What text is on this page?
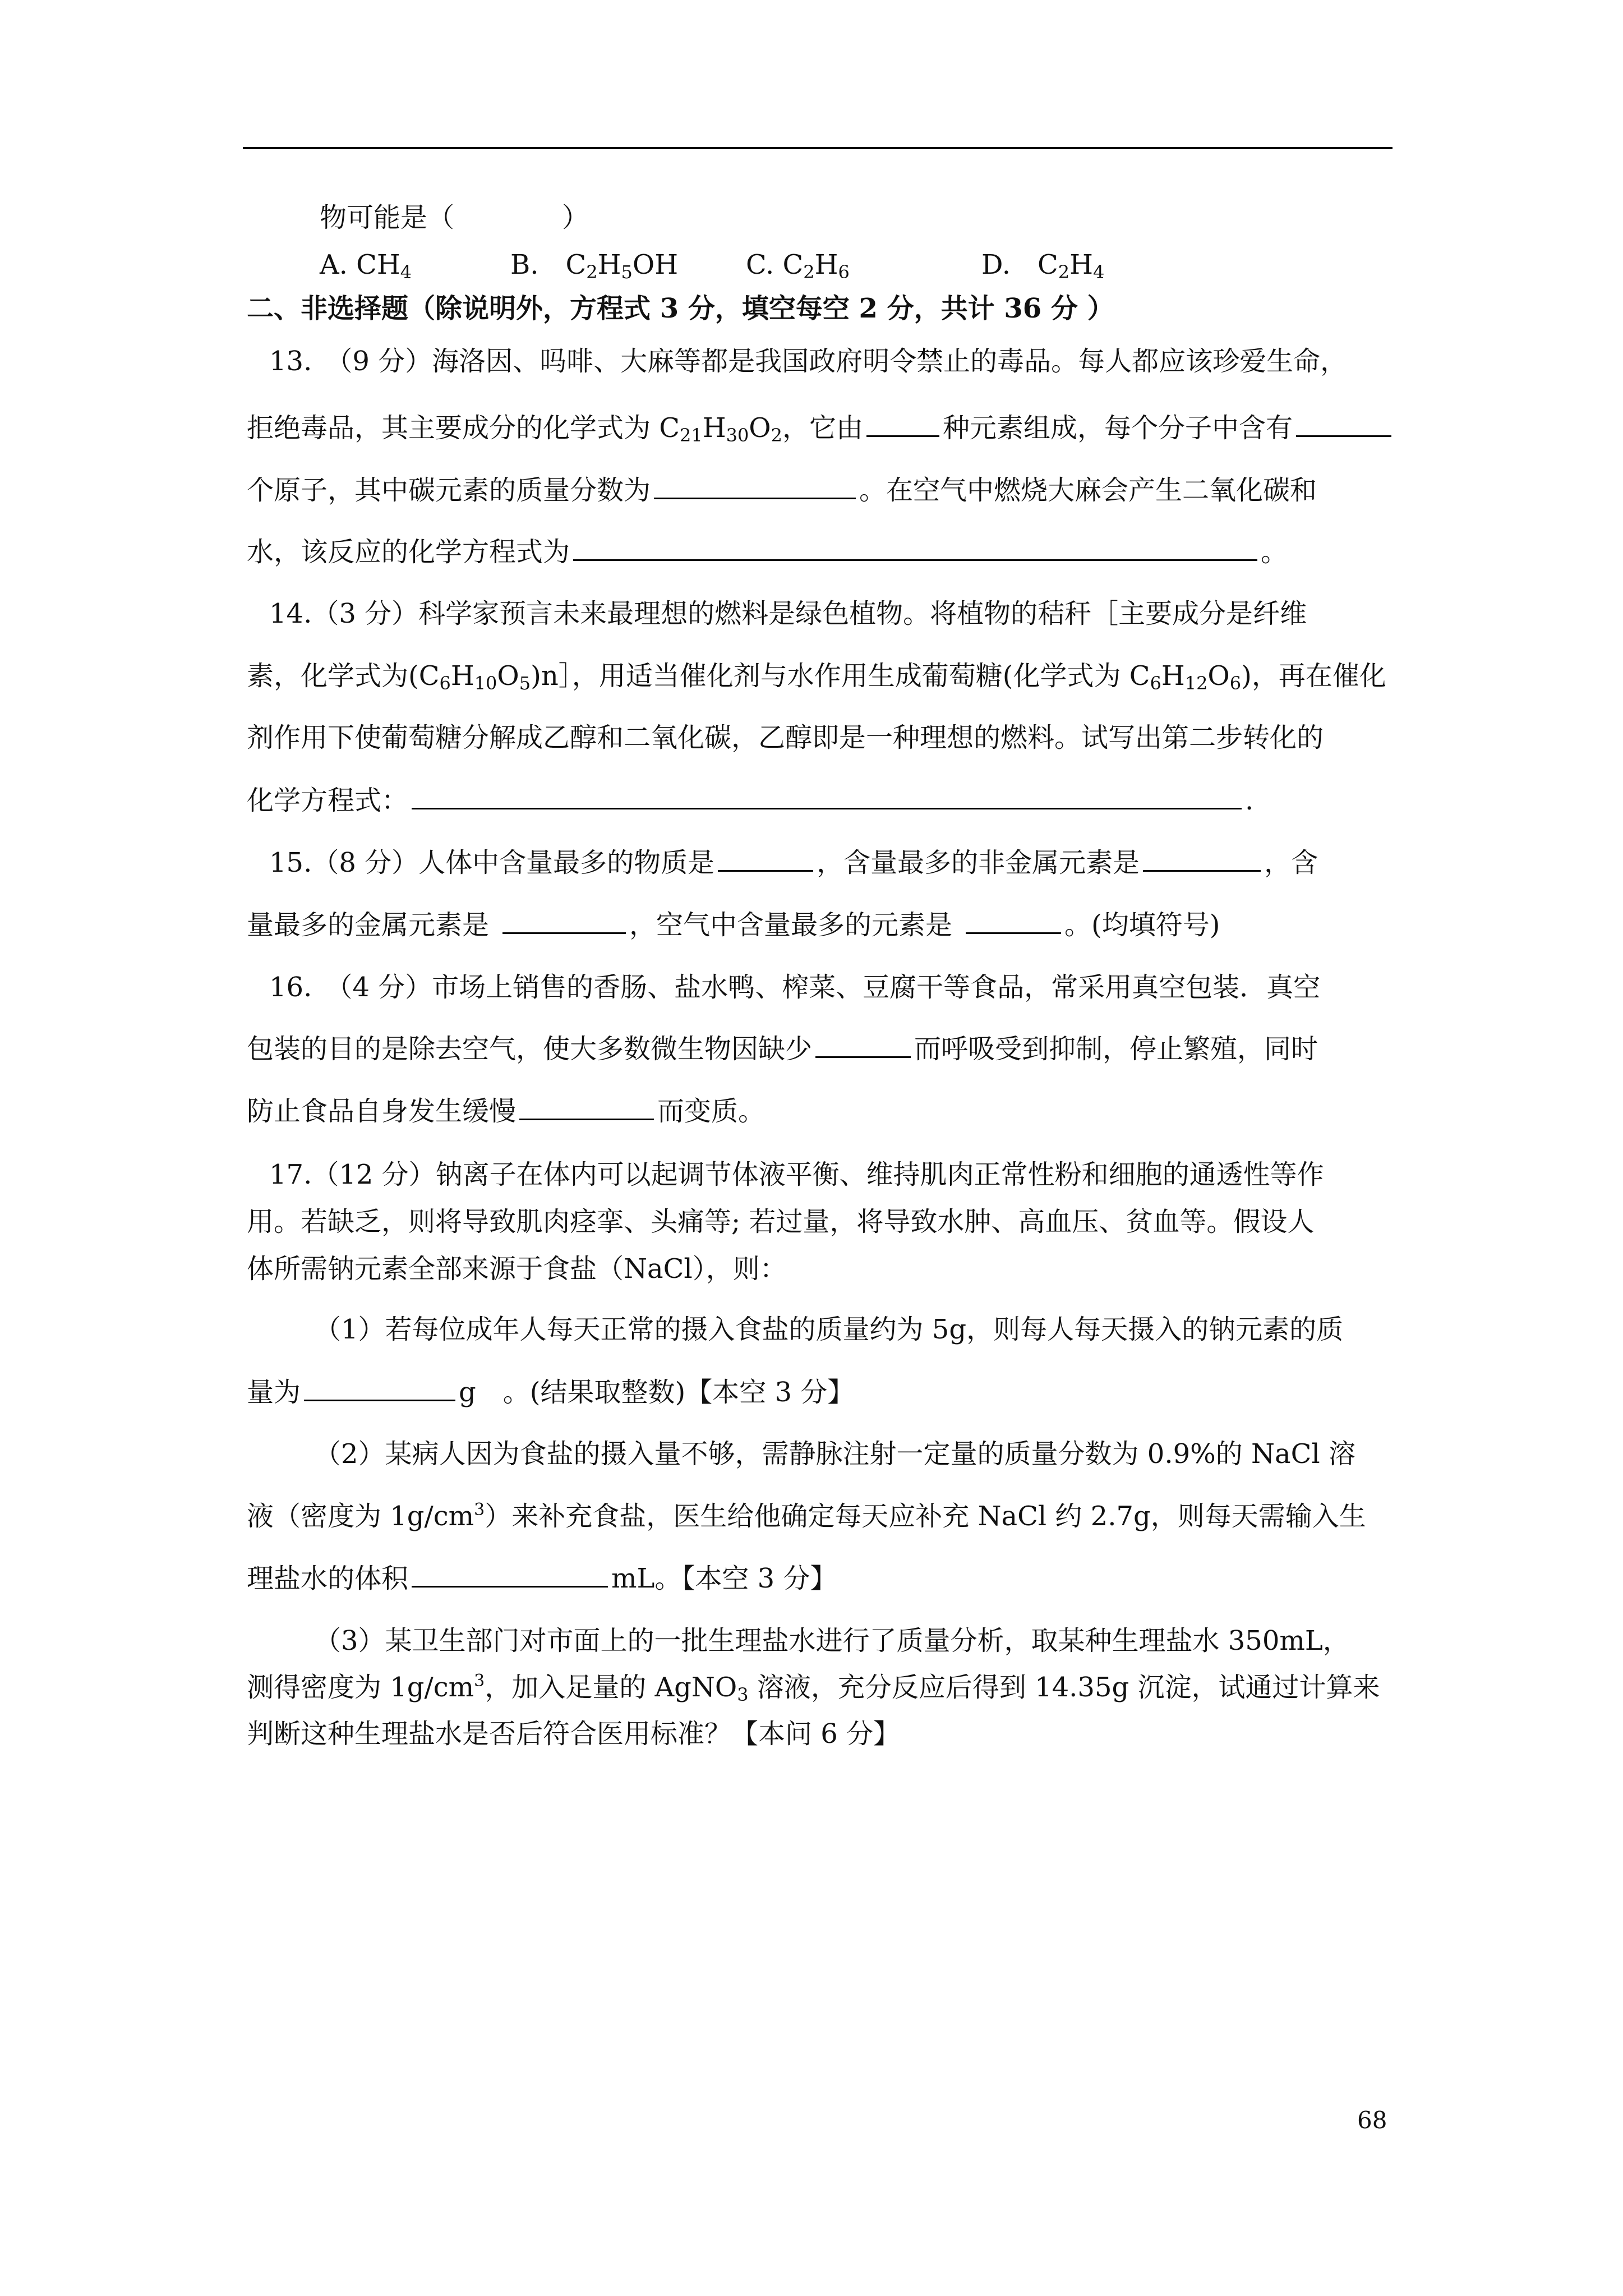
物可能是（　　　　）
A. $CH_4$	B.　$C_2H_5OH$	C. $C_2H_6$	D.　$C_2H_4$
二、非选择题（除说明外，方程式 3 分，填空每空 2 分，共计 36 分 ）
13.　（9 分）海洛因、吗啡、大麻等都是我国政府明令禁止的毒品。每人都应该珍爱生命，
拒绝毒品，其主要成分的化学式为 $C_{21}H_{30}O_2$，它由	种元素组成，每个分子中含有
个原子，其中碳元素的质量分数为	。在空气中燃烧大麻会产生二氧化碳和
水，该反应的化学方程式为	。
14.（3 分）科学家预言未来最理想的燃料是绿色植物。将植物的秸秆［主要成分是纤维
素，化学式为$(C_6H_{10}O_5)n]$，用适当催化剂与水作用生成葡萄糖(化学式为 $C_6H_{12}O_6$)，再在催化
剂作用下使葡萄糖分解成乙醇和二氧化碳，乙醇即是一种理想的燃料。试写出第二步转化的
化学方程式：	.
15.（8 分）人体中含量最多的物质是	，含量最多的非金属元素是	，含
量最多的金属元素是	，空气中含量最多的元素是	。(均填符号)
16.　（4 分）市场上销售的香肠、盐水鸭、榨菜、豆腐干等食品，常采用真空包装．真空
包装的目的是除去空气，使大多数微生物因缺少	而呼吸受到抑制，停止繁殖，同时
防止食品自身发生缓慢	而变质。
17.（12 分）钠离子在体内可以起调节体液平衡、维持肌肉正常性粉和细胞的通透性等作
用。若缺乏，则将导致肌肉痉挛、头痛等; 若过量，将导致水肿、高血压、贫血等。假设人
体所需钠元素全部来源于食盐（NaCl），则：
（1）若每位成年人每天正常的摄入食盐的质量约为 5g，则每人每天摄入的钠元素的质
量为	g　。(结果取整数)【本空 3 分】
（2）某病人因为食盐的摄入量不够，需静脉注射一定量的质量分数为 0.9%的 NaCl 溶
液（密度为 $1g/cm^3$）来补充食盐，医生给他确定每天应补充 NaCl 约 2.7g，则每天需输入生
理盐水的体积	mL。【本空 3 分】
（3）某卫生部门对市面上的一批生理盐水进行了质量分析，取某种生理盐水 350mL，
测得密度为 $1g/cm^3$，加入足量的 AgNO$_3$ 溶液，充分反应后得到 14.35g 沉淀，试通过计算来
判断这种生理盐水是否后符合医用标准？【本问 6 分】
68
